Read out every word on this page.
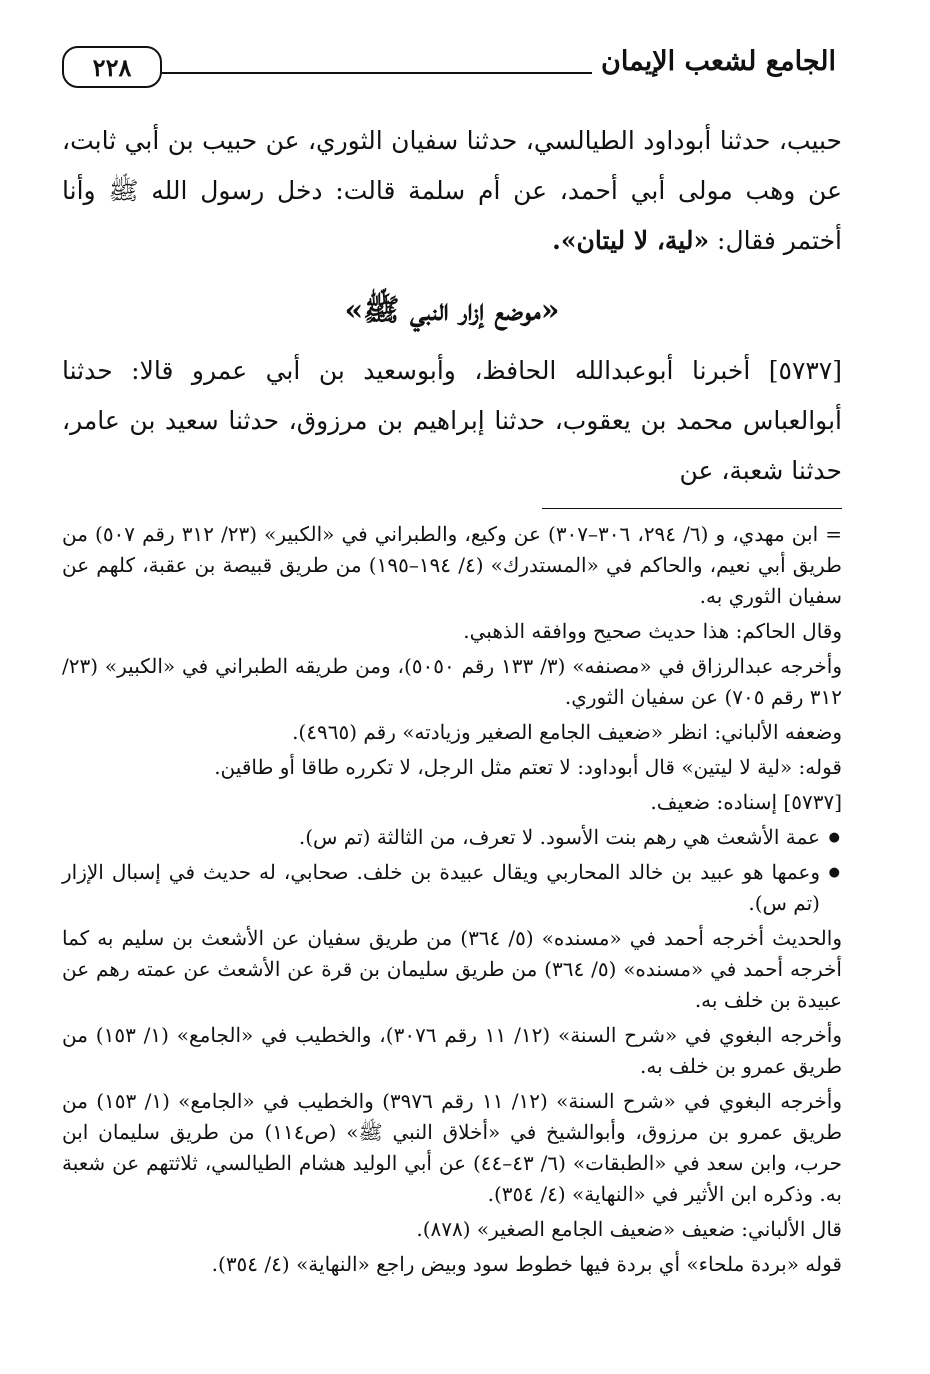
الجامع لشعب الإيمان
٢٢٨

حبيب، حدثنا أبوداود الطيالسي، حدثنا سفيان الثوري، عن حبيب بن أبي ثابت، عن وهب مولى أبي أحمد، عن أم سلمة قالت: دخل رسول الله ﷺ وأنا أختمر فقال: «لية، لا ليتان».

«موضع إزار النبي ﷺ»

[٥٧٣٧] أخبرنا أبوعبدالله الحافظ، وأبوسعيد بن أبي عمرو قالا: حدثنا أبوالعباس محمد بن يعقوب، حدثنا إبراهيم بن مرزوق، حدثنا سعيد بن عامر، حدثنا شعبة، عن

= ابن مهدي، و (٦/ ٢٩٤، ٣٠٦–٣٠٧) عن وكيع، والطبراني في «الكبير» (٢٣/ ٣١٢ رقم ٥٠٧) من طريق أبي نعيم، والحاكم في «المستدرك» (٤/ ١٩٤–١٩٥) من طريق قبيصة بن عقبة، كلهم عن سفيان الثوري به.

وقال الحاكم: هذا حديث صحيح ووافقه الذهبي.

وأخرجه عبدالرزاق في «مصنفه» (٣/ ١٣٣ رقم ٥٠٥٠)، ومن طريقه الطبراني في «الكبير» (٢٣/ ٣١٢ رقم ٧٠٥) عن سفيان الثوري.

وضعفه الألباني: انظر «ضعيف الجامع الصغير وزيادته» رقم (٤٩٦٥).

قوله: «لية لا ليتين» قال أبوداود: لا تعتم مثل الرجل، لا تكرره طاقا أو طاقين.

[٥٧٣٧] إسناده: ضعيف.

● عمة الأشعث هي رهم بنت الأسود. لا تعرف، من الثالثة (تم س).
● وعمها هو عبيد بن خالد المحاربي ويقال عبيدة بن خلف. صحابي، له حديث في إسبال الإزار (تم س).

والحديث أخرجه أحمد في «مسنده» (٥/ ٣٦٤) من طريق سفيان عن الأشعث بن سليم به كما أخرجه أحمد في «مسنده» (٥/ ٣٦٤) من طريق سليمان بن قرة عن الأشعث عن عمته رهم عن عبيدة بن خلف به.

وأخرجه البغوي في «شرح السنة» (١٢/ ١١ رقم ٣٠٧٦)، والخطيب في «الجامع» (١/ ١٥٣) من طريق عمرو بن خلف به.

وأخرجه البغوي في «شرح السنة» (١٢/ ١١ رقم ٣٩٧٦) والخطيب في «الجامع» (١/ ١٥٣) من طريق عمرو بن مرزوق، وأبوالشيخ في «أخلاق النبي ﷺ» (ص١١٤) من طريق سليمان ابن حرب، وابن سعد في «الطبقات» (٦/ ٤٣–٤٤) عن أبي الوليد هشام الطيالسي، ثلاثتهم عن شعبة به. وذكره ابن الأثير في «النهاية» (٤/ ٣٥٤).

قال الألباني: ضعيف «ضعيف الجامع الصغير» (٨٧٨).

قوله «بردة ملحاء» أي بردة فيها خطوط سود وبيض راجع «النهاية» (٤/ ٣٥٤).
